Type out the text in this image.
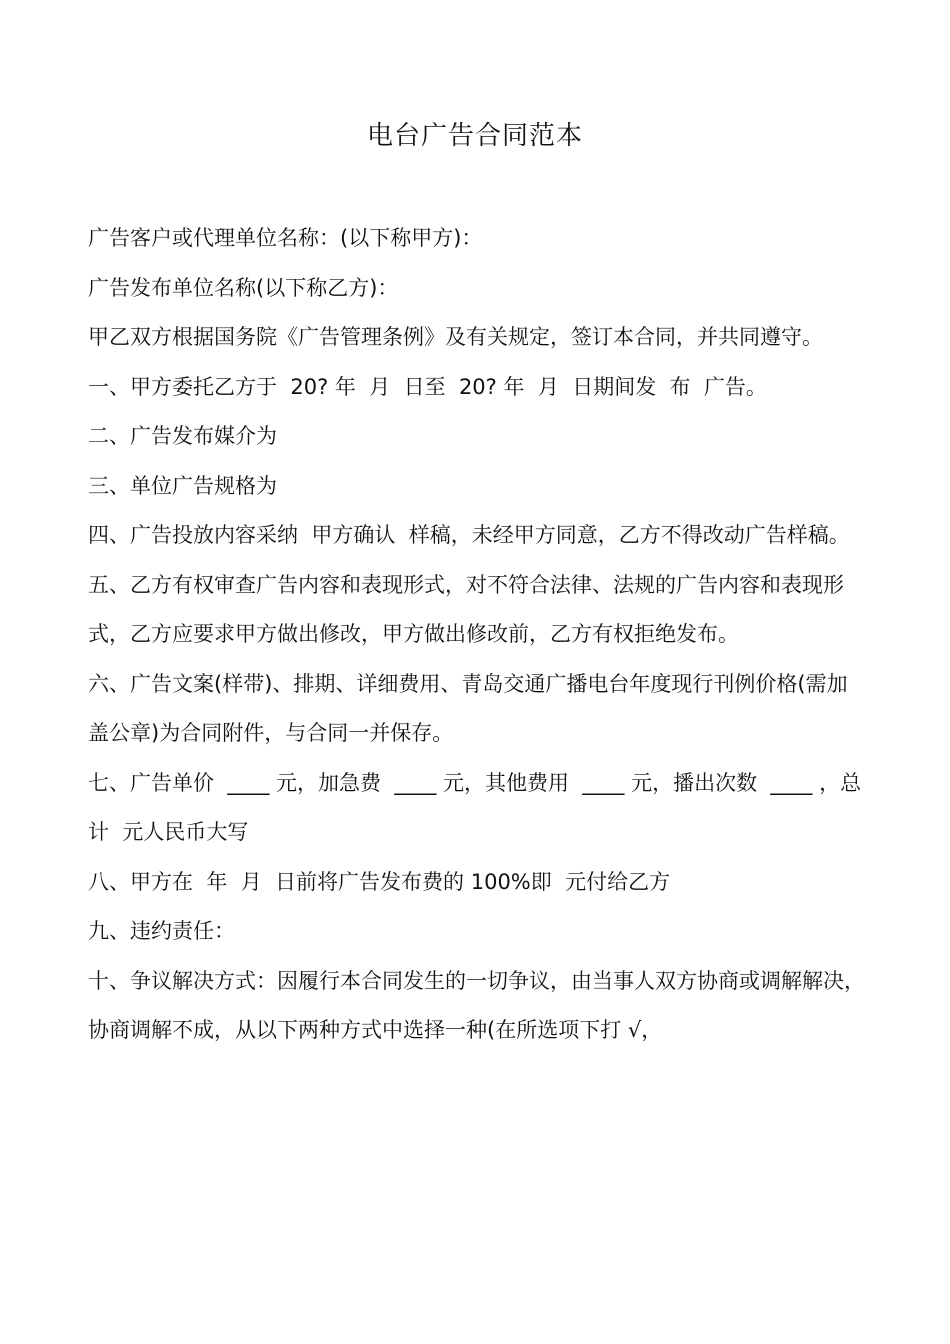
电台广告合同范本

广告客户或代理单位名称：(以下称甲方)：

广告发布单位名称(以下称乙方)：

甲乙双方根据国务院《广告管理条例》及有关规定，签订本合同，并共同遵守。

一、甲方委托乙方于  20? 年  月  日至  20? 年  月  日期间发  布  广告。

二、广告发布媒介为

三、单位广告规格为

四、广告投放内容采纳  甲方确认  样稿，未经甲方同意，乙方不得改动广告样稿。

五、乙方有权审查广告内容和表现形式，对不符合法律、法规的广告内容和表现形式，乙方应要求甲方做出修改，甲方做出修改前，乙方有权拒绝发布。

六、广告文案(样带)、排期、详细费用、青岛交通广播电台年度现行刊例价格(需加盖公章)为合同附件，与合同一并保存。

七、广告单价  ____ 元，加急费  ____ 元，其他费用  ____ 元，播出次数  ____ ，总计  元人民币大写

八、甲方在  年  月  日前将广告发布费的 100%即  元付给乙方

九、违约责任：

十、争议解决方式：因履行本合同发生的一切争议，由当事人双方协商或调解解决，协商调解不成，从以下两种方式中选择一种(在所选项下打 √，
